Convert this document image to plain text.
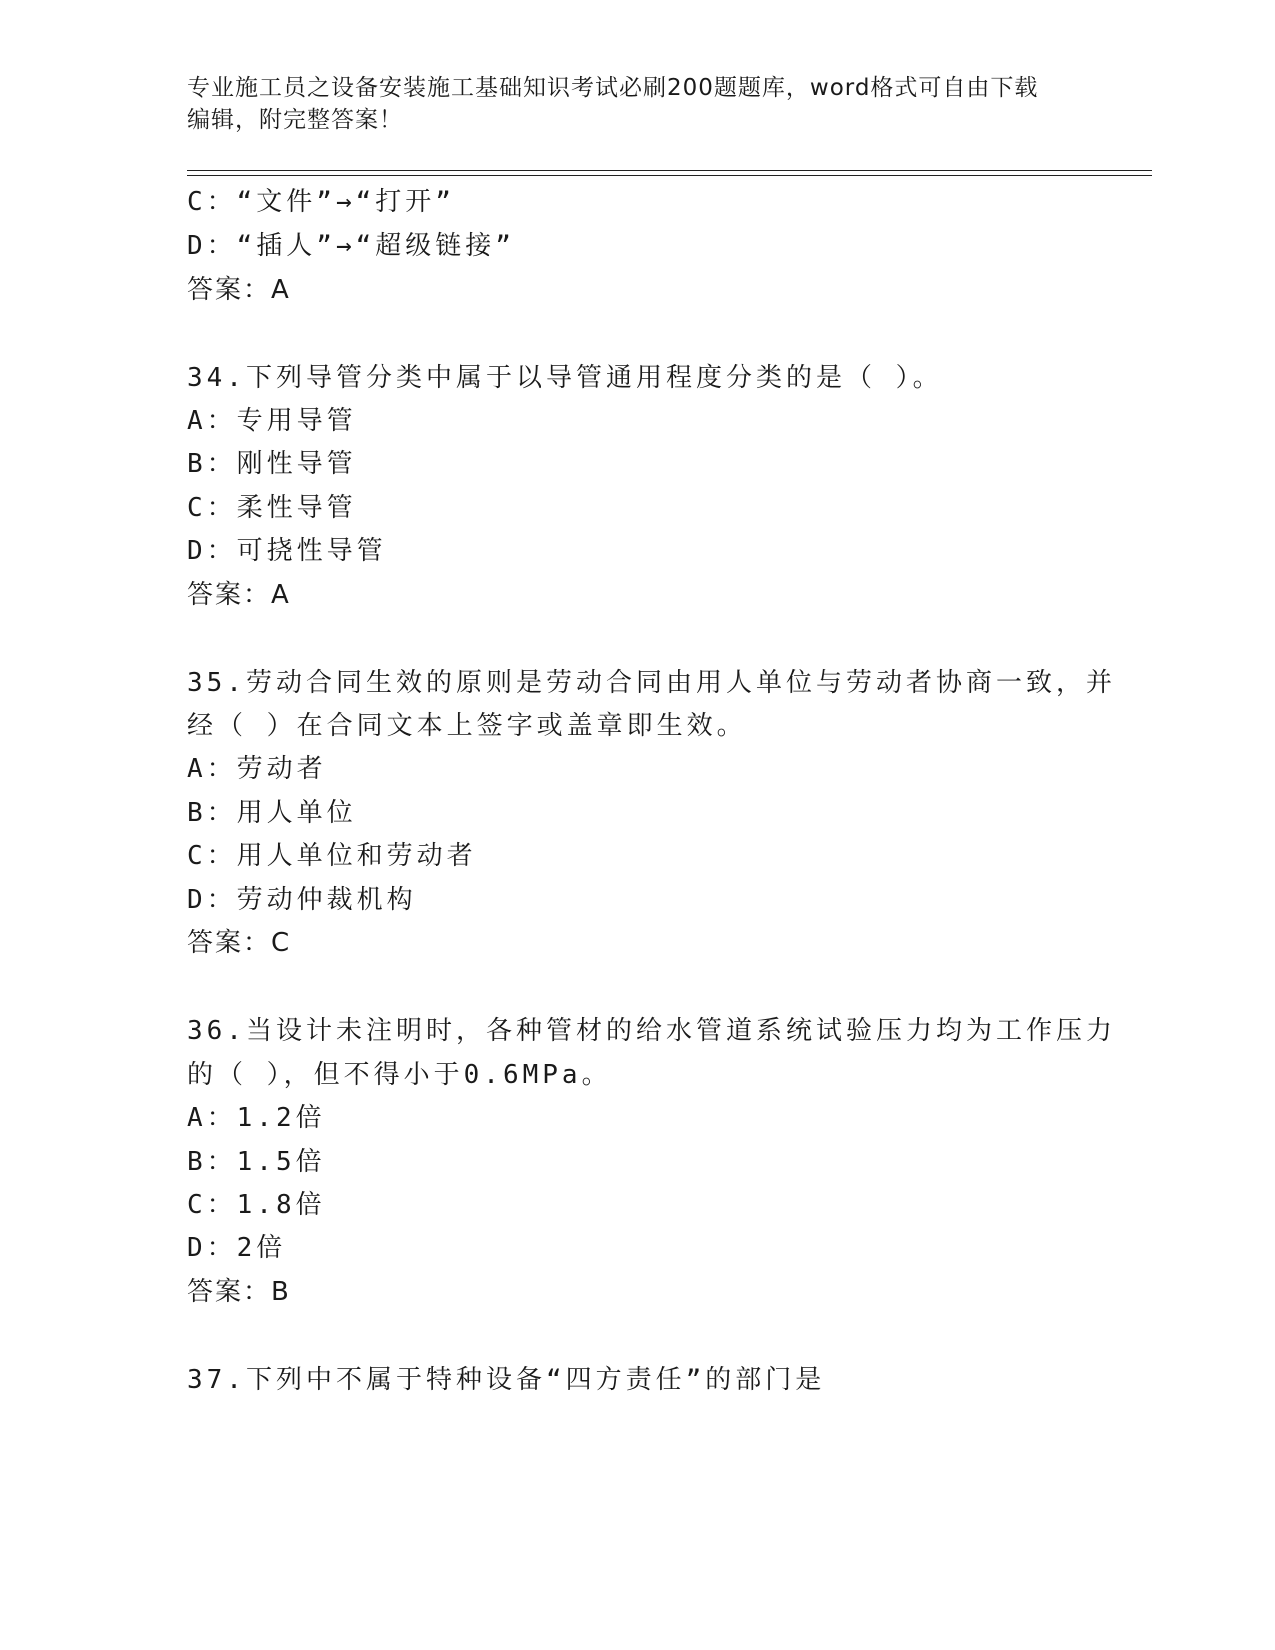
专业施工员之设备安装施工基础知识考试必刷200题题库，word格式可自由下载
编辑，附完整答案！
C：“文件”→“打开”
D：“插人”→“超级链接”
答案：A
34.下列导管分类中属于以导管通用程度分类的是（ ）。
A：专用导管
B：刚性导管
C：柔性导管
D：可挠性导管
答案：A
35.劳动合同生效的原则是劳动合同由用人单位与劳动者协商一致，并
经（ ）在合同文本上签字或盖章即生效。
A：劳动者
B：用人单位
C：用人单位和劳动者
D：劳动仲裁机构
答案：C
36.当设计未注明时，各种管材的给水管道系统试验压力均为工作压力
的（ ），但不得小于0.6MPa。
A：1.2倍
B：1.5倍
C：1.8倍
D：2倍
答案：B
37.下列中不属于特种设备“四方责任”的部门是
